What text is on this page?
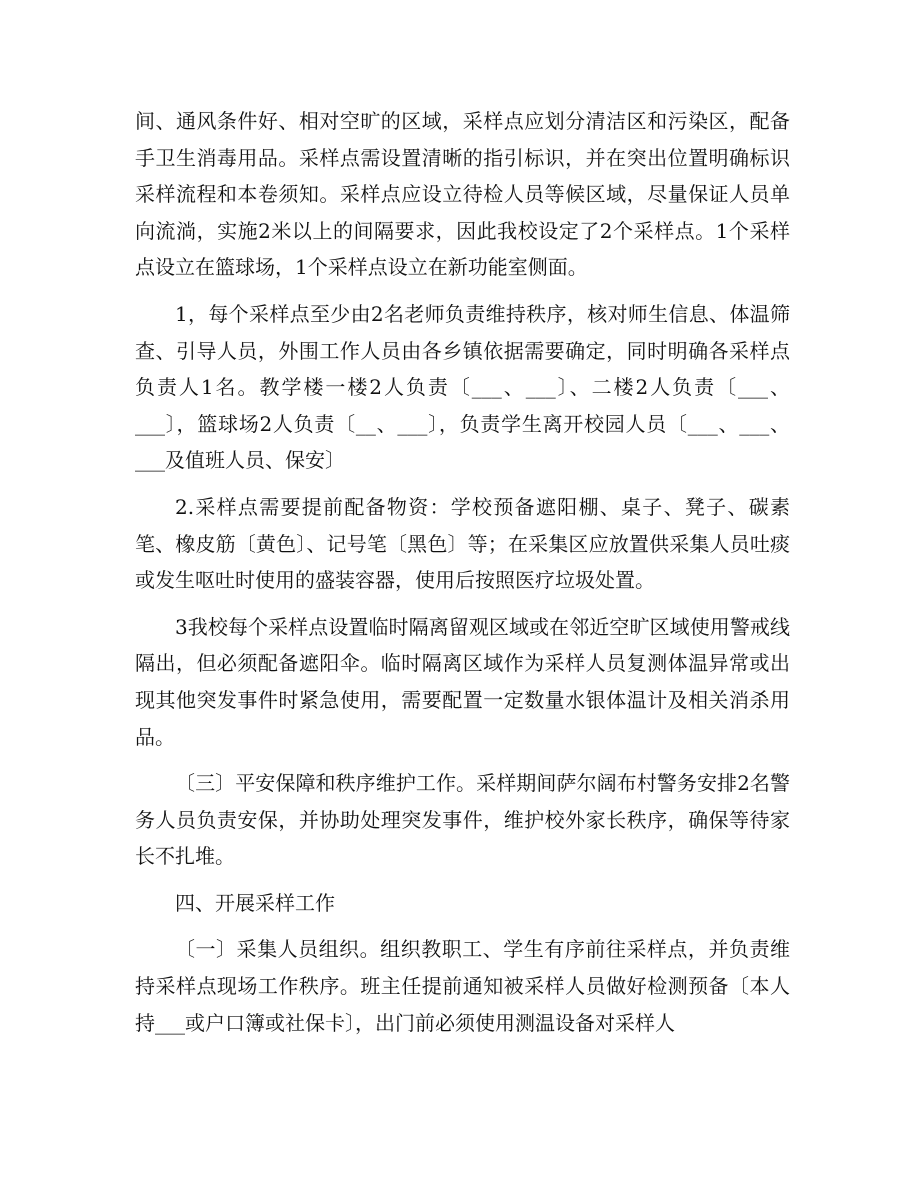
间、通风条件好、相对空旷的区域，采样点应划分清洁区和污染区，配备手卫生消毒用品。采样点需设置清晰的指引标识，并在突出位置明确标识采样流程和本卷须知。采样点应设立待检人员等候区域，尽量保证人员单向流淌，实施2米以上的间隔要求，因此我校设定了2个采样点。1个采样点设立在篮球场，1个采样点设立在新功能室侧面。

1，每个采样点至少由2名老师负责维持秩序，核对师生信息、体温筛查、引导人员，外围工作人员由各乡镇依据需要确定，同时明确各采样点负责人1名。教学楼一楼2人负责〔___、___〕、二楼2人负责〔___、___〕，篮球场2人负责〔__、___〕，负责学生离开校园人员〔___、___、___及值班人员、保安〕

2.采样点需要提前配备物资：学校预备遮阳棚、桌子、凳子、碳素笔、橡皮筋〔黄色〕、记号笔〔黑色〕等；在采集区应放置供采集人员吐痰或发生呕吐时使用的盛装容器，使用后按照医疗垃圾处置。

3我校每个采样点设置临时隔离留观区域或在邻近空旷区域使用警戒线隔出，但必须配备遮阳伞。临时隔离区域作为采样人员复测体温异常或出现其他突发事件时紧急使用，需要配置一定数量水银体温计及相关消杀用品。

〔三〕平安保障和秩序维护工作。采样期间萨尔阔布村警务安排2名警务人员负责安保，并协助处理突发事件，维护校外家长秩序，确保等待家长不扎堆。

四、开展采样工作

〔一〕采集人员组织。组织教职工、学生有序前往采样点，并负责维持采样点现场工作秩序。班主任提前通知被采样人员做好检测预备〔本人持___或户口簿或社保卡〕，出门前必须使用测温设备对采样人
